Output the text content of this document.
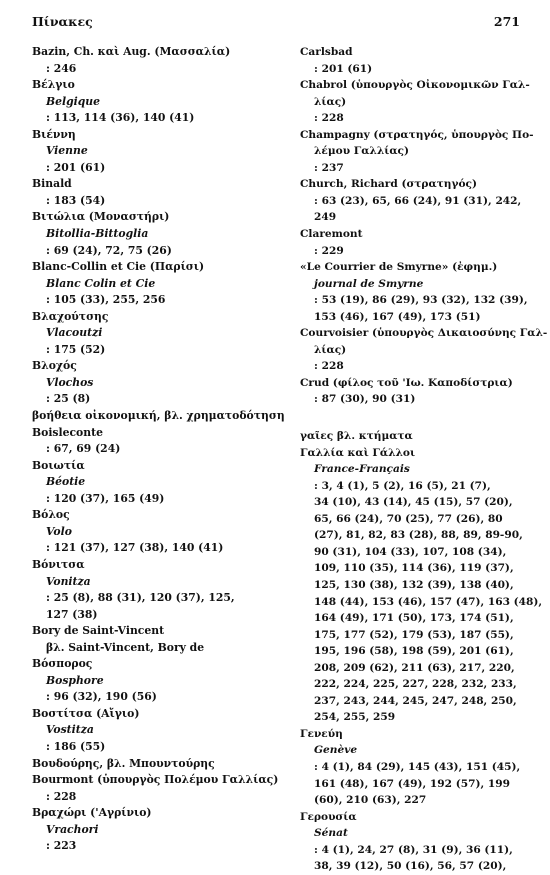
Πίνακες	271
Bazin, Ch. καὶ Aug. (Μασσαλία)
: 246
Βέλγιο
Belgique
: 113, 114 (36), 140 (41)
Βιέννη
Vienne
: 201 (61)
Binald
: 183 (54)
Βιτώλια (Μοναστήρι)
Bitollia-Bittoglia
: 69 (24), 72, 75 (26)
Blanc-Collin et Cie (Παρίσι)
Blanc Colin et Cie
: 105 (33), 255, 256
Βλαχούτσης
Vlacoutzi
: 175 (52)
Βλοχός
Vlochos
: 25 (8)
βοήθεια οἰκονομική, βλ. χρηματοδότηση
Boisleconte
: 67, 69 (24)
Βοιωτία
Béotie
: 120 (37), 165 (49)
Βόλος
Volo
: 121 (37), 127 (38), 140 (41)
Βόνιτσα
Vonitza
: 25 (8), 88 (31), 120 (37), 125,
127 (38)
Bory de Saint-Vincent
βλ. Saint-Vincent, Bory de
Βόσπορος
Bosphore
: 96 (32), 190 (56)
Βοστίτσα (Αἴγιο)
Vostitza
: 186 (55)
Βουδούρης, βλ. Μπουντούρης
Bourmont (ὑπουργὸς Πολέμου Γαλλίας)
: 228
Βραχώρι ('Αγρίνιο)
Vrachori
: 223
Carlsbad
: 201 (61)
Chabrol (ὑπουργὸς Οἰκονομικῶν Γαλ-
λίας)
: 228
Champagny (στρατηγός, ὑπουργὸς Πο-
λέμου Γαλλίας)
: 237
Church, Richard (στρατηγός)
: 63 (23), 65, 66 (24), 91 (31), 242,
249
Claremont
: 229
«Le Courrier de Smyrne» (ἐφημ.)
journal de Smyrne
: 53 (19), 86 (29), 93 (32), 132 (39),
153 (46), 167 (49), 173 (51)
Courvoisier (ὑπουργὸς Δικαιοσύνης Γαλ-
λίας)
: 228
Crud (φίλος τοῦ 'Ιω. Καποδίστρια)
: 87 (30), 90 (31)
γαῖες βλ. κτήματα
Γαλλία καὶ Γάλλοι
France-Français
: 3, 4 (1), 5 (2), 16 (5), 21 (7),
34 (10), 43 (14), 45 (15), 57 (20),
65, 66 (24), 70 (25), 77 (26), 80
(27), 81, 82, 83 (28), 88, 89, 89-90,
90 (31), 104 (33), 107, 108 (34),
109, 110 (35), 114 (36), 119 (37),
125, 130 (38), 132 (39), 138 (40),
148 (44), 153 (46), 157 (47), 163 (48),
164 (49), 171 (50), 173, 174 (51),
175, 177 (52), 179 (53), 187 (55),
195, 196 (58), 198 (59), 201 (61),
208, 209 (62), 211 (63), 217, 220,
222, 224, 225, 227, 228, 232, 233,
237, 243, 244, 245, 247, 248, 250,
254, 255, 259
Γενεύη
Genève
: 4 (1), 84 (29), 145 (43), 151 (45),
161 (48), 167 (49), 192 (57), 199
(60), 210 (63), 227
Γερουσία
Sénat
: 4 (1), 24, 27 (8), 31 (9), 36 (11),
38, 39 (12), 50 (16), 56, 57 (20),
